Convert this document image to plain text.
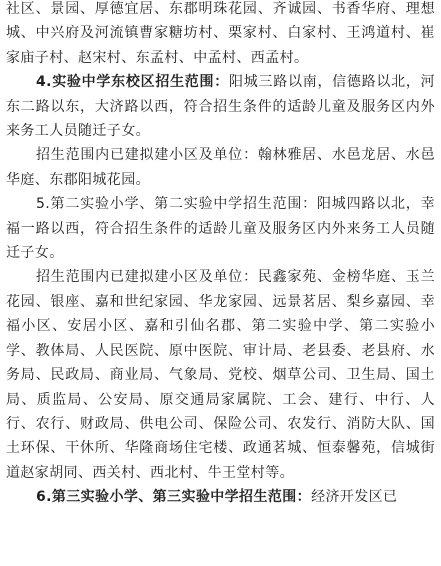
社区、景园、厚德宜居、东郡明珠花园、齐诚园、书香华府、理想城、中兴府及河流镇曹家糖坊村、栗家村、白家村、王鸿道村、崔家庙子村、赵宋村、东孟村、中孟村、西孟村。

4.实验中学东校区招生范围：阳城三路以南，信德路以北，河东二路以东，大济路以西，符合招生条件的适龄儿童及服务区内外来务工人员随迁子女。

招生范围内已建拟建小区及单位：翰林雅居、水邑龙居、水邑华庭、东郡阳城花园。

5.第二实验小学、第二实验中学招生范围：阳城四路以北，幸福一路以西，符合招生条件的适龄儿童及服务区内外来务工人员随迁子女。

招生范围内已建拟建小区及单位：民鑫家苑、金榜华庭、玉兰花园、银座、嘉和世纪家园、华龙家园、远景茗居、梨乡嘉园、幸福小区、安居小区、嘉和引仙名郡、第二实验中学、第二实验小学、教体局、人民医院、原中医院、审计局、老县委、老县府、水务局、民政局、商业局、气象局、党校、烟草公司、卫生局、国土局、质监局、公安局、原交通局家属院、工会、建行、中行、人行、农行、财政局、供电公司、保险公司、农发行、消防大队、国土环保、干休所、华隆商场住宅楼、政通茗城、恒泰馨苑，信城街道赵家胡同、西关村、西北村、牛王堂村等。

6.第三实验小学、第三实验中学招生范围：经济开发区已
